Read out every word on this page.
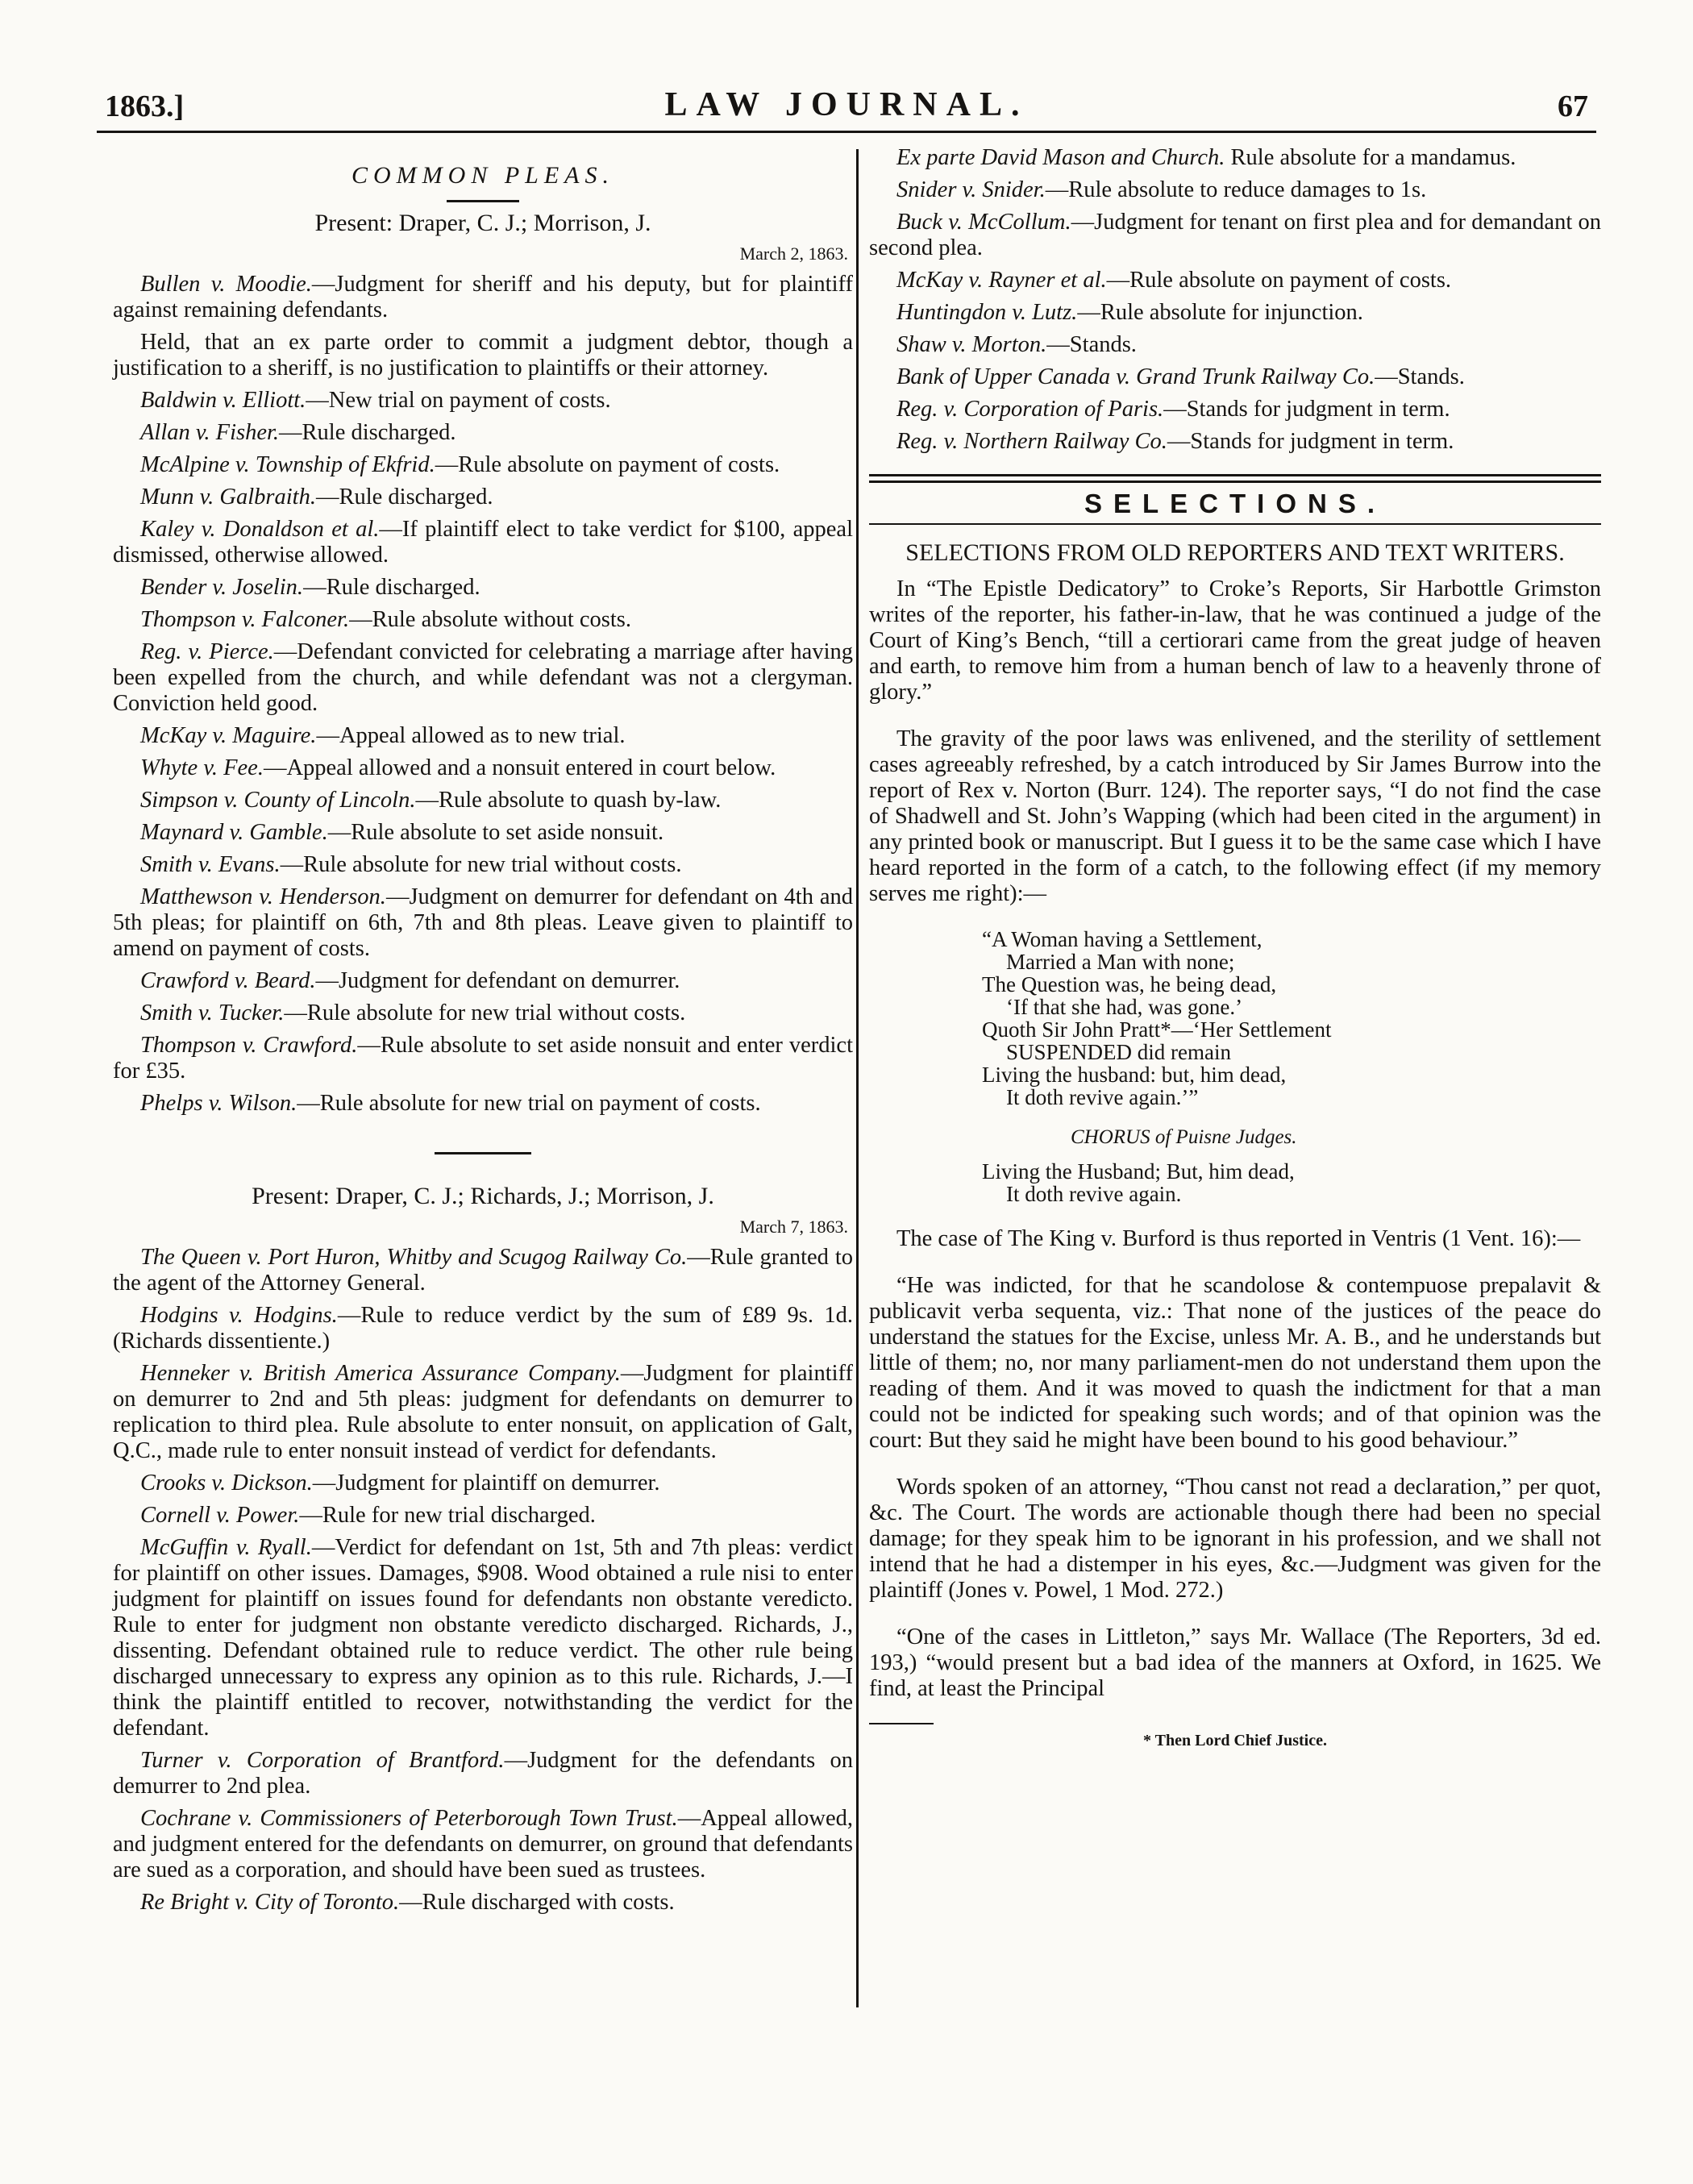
1863.]	LAW JOURNAL.	67
COMMON PLEAS.
Present: Draper, C. J.; Morrison, J.
March 2, 1863.

Bullen v. Moodie.—Judgment for sheriff and his deputy, but for plaintiff against remaining defendants.

Held, that an ex parte order to commit a judgment debtor, though a justification to a sheriff, is no justification to plaintiffs or their attorney.

Baldwin v. Elliott.—New trial on payment of costs.

Allan v. Fisher.—Rule discharged.

McAlpine v. Township of Ekfrid.—Rule absolute on payment of costs.

Munn v. Galbraith.—Rule discharged.

Kaley v. Donaldson et al.—If plaintiff elect to take verdict for $100, appeal dismissed, otherwise allowed.

Bender v. Joselin.—Rule discharged.

Thompson v. Falconer.—Rule absolute without costs.

Reg. v. Pierce.—Defendant convicted for celebrating a marriage after having been expelled from the church, and while defendant was not a clergyman. Conviction held good.

McKay v. Maguire.—Appeal allowed as to new trial.

Whyte v. Fee.—Appeal allowed and a nonsuit entered in court below.

Simpson v. County of Lincoln.—Rule absolute to quash by-law.

Maynard v. Gamble.—Rule absolute to set aside nonsuit.

Smith v. Evans.—Rule absolute for new trial without costs.

Matthewson v. Henderson.—Judgment on demurrer for defendant on 4th and 5th pleas; for plaintiff on 6th, 7th and 8th pleas. Leave given to plaintiff to amend on payment of costs.

Crawford v. Beard.—Judgment for defendant on demurrer.

Smith v. Tucker.—Rule absolute for new trial without costs.

Thompson v. Crawford.—Rule absolute to set aside nonsuit and enter verdict for £35.

Phelps v. Wilson.—Rule absolute for new trial on payment of costs.

Present: Draper, C. J.; Richards, J.; Morrison, J.
March 7, 1863.

The Queen v. Port Huron, Whitby and Scugog Railway Co.—Rule granted to the agent of the Attorney General.

Hodgins v. Hodgins.—Rule to reduce verdict by the sum of £89 9s. 1d. (Richards dissentiente.)

Henneker v. British America Assurance Company.—Judgment for plaintiff on demurrer to 2nd and 5th pleas: judgment for defendants on demurrer to replication to third plea. Rule absolute to enter nonsuit, on application of Galt, Q.C., made rule to enter nonsuit instead of verdict for defendants.

Crooks v. Dickson.—Judgment for plaintiff on demurrer.

Cornell v. Power.—Rule for new trial discharged.

McGuffin v. Ryall.—Verdict for defendant on 1st, 5th and 7th pleas: verdict for plaintiff on other issues. Damages, $908. Wood obtained a rule nisi to enter judgment for plaintiff on issues found for defendants non obstante veredicto. Rule to enter for judgment non obstante veredicto discharged. Richards, J., dissenting. Defendant obtained rule to reduce verdict. The other rule being discharged unnecessary to express any opinion as to this rule. Richards, J.—I think the plaintiff entitled to recover, notwithstanding the verdict for the defendant.

Turner v. Corporation of Brantford.—Judgment for the defendants on demurrer to 2nd plea.

Cochrane v. Commissioners of Peterborough Town Trust.—Appeal allowed, and judgment entered for the defendants on demurrer, on ground that defendants are sued as a corporation, and should have been sued as trustees.

Re Bright v. City of Toronto.—Rule discharged with costs.

Ex parte David Mason and Church. Rule absolute for a mandamus.

Snider v. Snider.—Rule absolute to reduce damages to 1s.

Buck v. McCollum.—Judgment for tenant on first plea and for demandant on second plea.

McKay v. Rayner et al.—Rule absolute on payment of costs.

Huntingdon v. Lutz.—Rule absolute for injunction.

Shaw v. Morton.—Stands.

Bank of Upper Canada v. Grand Trunk Railway Co.—Stands.

Reg. v. Corporation of Paris.—Stands for judgment in term.

Reg. v. Northern Railway Co.—Stands for judgment in term.

SELECTIONS.
SELECTIONS FROM OLD REPORTERS AND TEXT WRITERS.

In “The Epistle Dedicatory” to Croke’s Reports, Sir Harbottle Grimston writes of the reporter, his father-in-law, that he was continued a judge of the Court of King’s Bench, “till a certiorari came from the great judge of heaven and earth, to remove him from a human bench of law to a heavenly throne of glory.”

The gravity of the poor laws was enlivened, and the sterility of settlement cases agreeably refreshed, by a catch introduced by Sir James Burrow into the report of Rex v. Norton (Burr. 124). The reporter says, “I do not find the case of Shadwell and St. John’s Wapping (which had been cited in the argument) in any printed book or manuscript. But I guess it to be the same case which I have heard reported in the form of a catch, to the following effect (if my memory serves me right):—

“A Woman having a Settlement,
Married a Man with none;
The Question was, he being dead,
‘If that she had, was gone.’
Quoth Sir John Pratt*—‘Her Settlement
SUSPENDED did remain
Living the husband: but, him dead,
It doth revive again.’”
CHORUS of Puisne Judges.
Living the Husband; But, him dead,
It doth revive again.

The case of The King v. Burford is thus reported in Ventris (1 Vent. 16):—

“He was indicted, for that he scandolose & contempuose prepalavit & publicavit verba sequenta, viz.: That none of the justices of the peace do understand the statues for the Excise, unless Mr. A. B., and he understands but little of them; no, nor many parliament-men do not understand them upon the reading of them. And it was moved to quash the indictment for that a man could not be indicted for speaking such words; and of that opinion was the court: But they said he might have been bound to his good behaviour.”

Words spoken of an attorney, “Thou canst not read a declaration,” per quot, &c. The Court. The words are actionable though there had been no special damage; for they speak him to be ignorant in his profession, and we shall not intend that he had a distemper in his eyes, &c.—Judgment was given for the plaintiff (Jones v. Powel, 1 Mod. 272.)

“One of the cases in Littleton,” says Mr. Wallace (The Reporters, 3d ed. 193,) “would present but a bad idea of the manners at Oxford, in 1625. We find, at least the Principal

* Then Lord Chief Justice.
